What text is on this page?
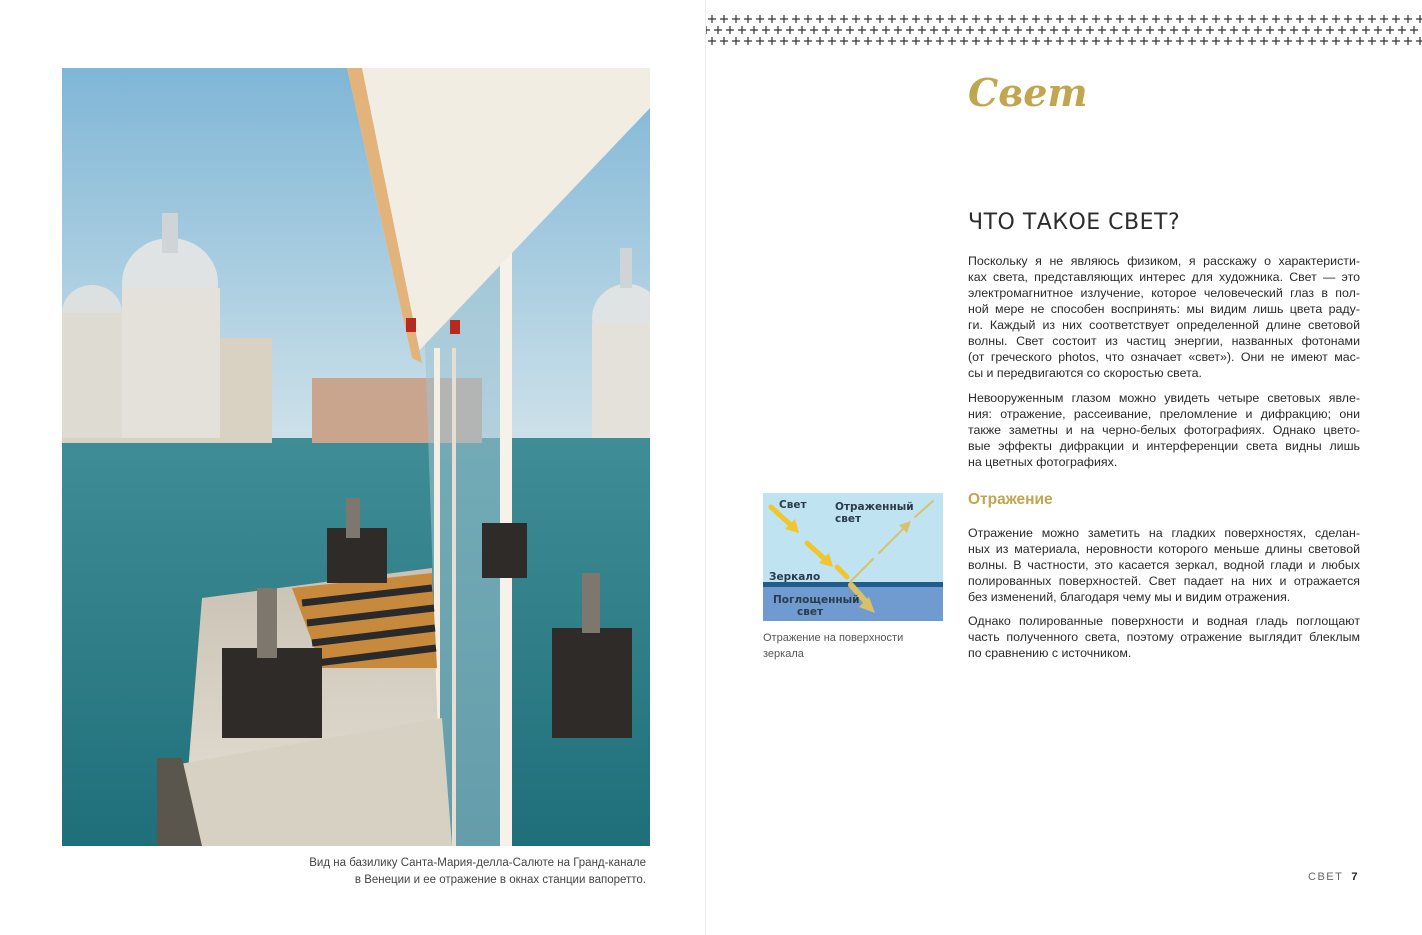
Вид на базилику Санта-Мария-делла-Салюте на Гранд-канале
в Венеции и ее отражение в окнах станции вапоретто.
Свет
ЧТО ТАКОЕ СВЕТ?

Поскольку я не являюсь физиком, я расскажу о характеристи-
ках света, представляющих интерес для художника. Свет — это
электромагнитное излучение, которое человеческий глаз в пол-
ной мере не способен воспринять: мы видим лишь цвета раду-
ги. Каждый из них соответствует определенной длине световой
волны. Свет состоит из частиц энергии, названных фотонами
(от греческого photos, что означает «свет»). Они не имеют мас-
сы и передвигаются со скоростью света.

Невооруженным глазом можно увидеть четыре световых явле-
ния: отражение, рассеивание, преломление и дифракцию; они
также заметны и на черно-белых фотографиях. Однако цвето-
вые эффекты дифракции и интерференции света видны лишь
на цветных фотографиях.

Отражение

Отражение можно заметить на гладких поверхностях, сделан-
ных из материала, неровности которого меньше длины световой
волны. В частности, это касается зеркал, водной глади и любых
полированных поверхностей. Свет падает на них и отражается
без изменений, благодаря чему мы и видим отражения.

Однако полированные поверхности и водная гладь поглощают
часть полученного света, поэтому отражение выглядит блеклым
по сравнению с источником.

Свет	Отраженный свет
Зеркало
Поглощенный
свет
Отражение на поверхности
зеркала
СВЕТ 7
